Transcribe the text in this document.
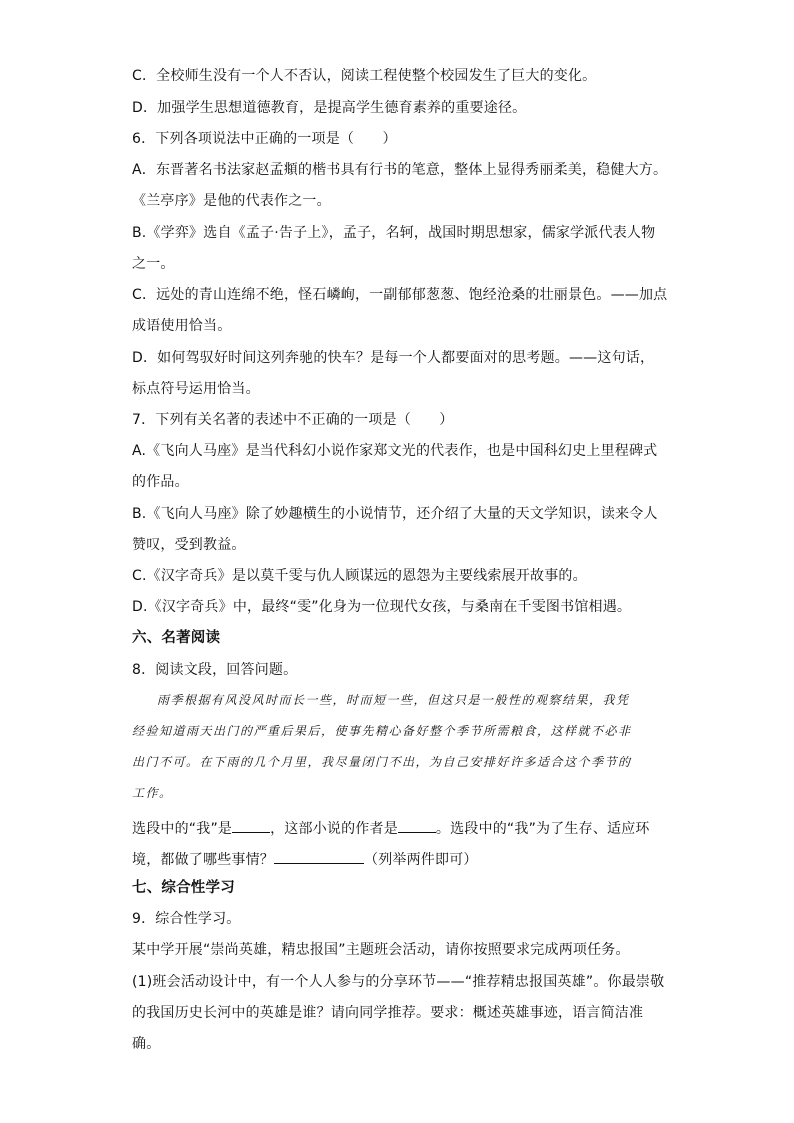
C．全校师生没有一个人不否认，阅读工程使整个校园发生了巨大的变化。

D．加强学生思想道德教育，是提高学生德育素养的重要途径。

6．下列各项说法中正确的一项是（　　）

A．东晋著名书法家赵孟頫的楷书具有行书的笔意，整体上显得秀丽柔美，稳健大方。

《兰亭序》是他的代表作之一。

B.《学弈》选自《孟子·告子上》，孟子，名轲，战国时期思想家，儒家学派代表人物

之一。

C．远处的青山连绵不绝，怪石嶙峋，一副郁郁葱葱、饱经沧桑的壮丽景色。——加点

成语使用恰当。

D．如何驾驭好时间这列奔驰的快车？是每一个人都要面对的思考题。——这句话，

标点符号运用恰当。

7．下列有关名著的表述中不正确的一项是（　　）

A.《飞向人马座》是当代科幻小说作家郑文光的代表作，也是中国科幻史上里程碑式

的作品。

B.《飞向人马座》除了妙趣横生的小说情节，还介绍了大量的天文学知识，读来令人

赞叹，受到教益。

C.《汉字奇兵》是以莫千雯与仇人顾谋远的恩怨为主要线索展开故事的。

D.《汉字奇兵》中，最终“雯”化身为一位现代女孩，与桑南在千雯图书馆相遇。

六、名著阅读

8．阅读文段，回答问题。

雨季根据有风没风时而长一些，时而短一些，但这只是一般性的观察结果，我凭

经验知道雨天出门的严重后果后，使事先精心备好整个季节所需粮食，这样就不必非

出门不可。在下雨的几个月里，我尽量闭门不出，为自己安排好许多适合这个季节的

工作。

选段中的“我”是	，这部小说的作者是	。选段中的“我”为了生存、适应环

境，都做了哪些事情？	（列举两件即可）

七、综合性学习

9．综合性学习。

某中学开展“崇尚英雄，精忠报国”主题班会活动，请你按照要求完成两项任务。

(1)班会活动设计中，有一个人人参与的分享环节——“推荐精忠报国英雄”。你最崇敬

的我国历史长河中的英雄是谁？请向同学推荐。要求：概述英雄事迹，语言简洁准

确。
